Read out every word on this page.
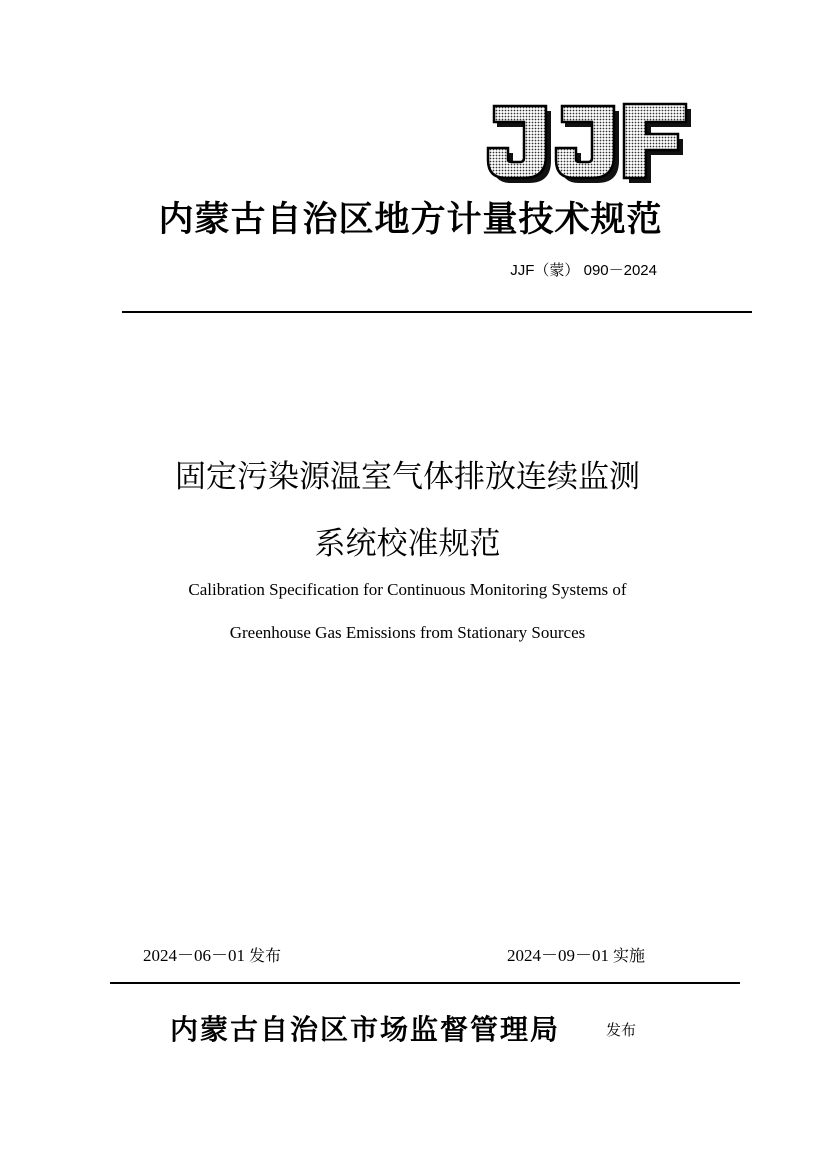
内蒙古自治区地方计量技术规范
JJF（蒙） 090－2024
固定污染源温室气体排放连续监测
系统校准规范
Calibration Specification for Continuous Monitoring Systems of
Greenhouse Gas Emissions from Stationary Sources
2024－06－01 发布	2024－09－01 实施
内蒙古自治区市场监督管理局	发布
